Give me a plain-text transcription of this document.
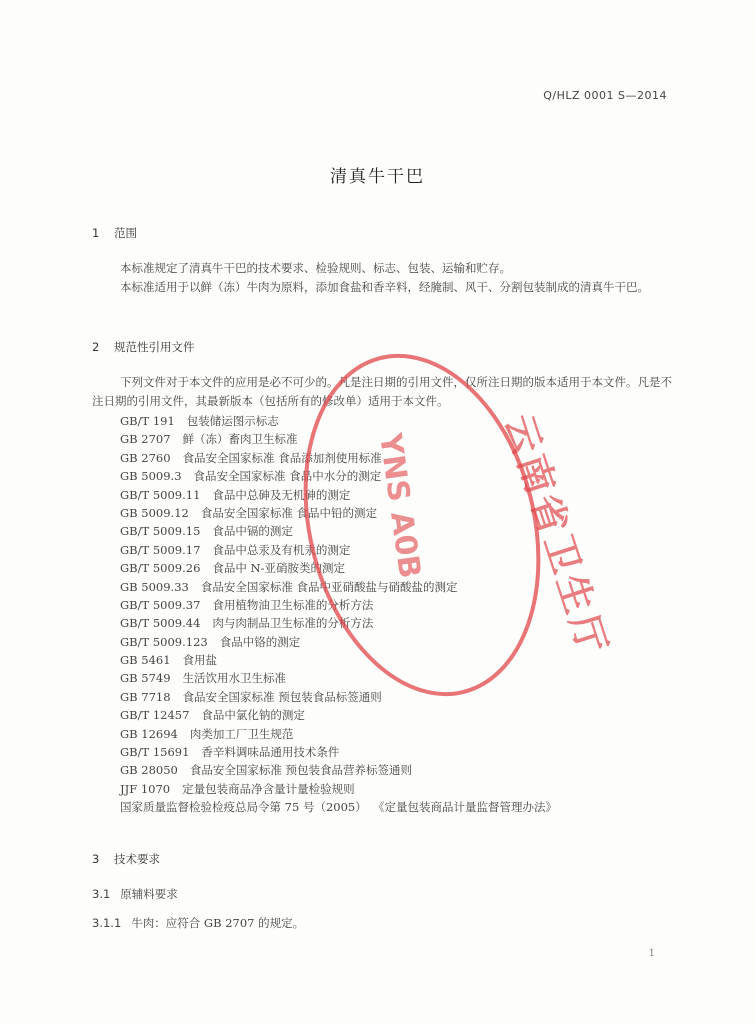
Q/HLZ 0001 S—2014
清真牛干巴
1 范围

本标准规定了清真牛干巴的技术要求、检验规则、标志、包装、运输和贮存。

本标准适用于以鲜（冻）牛肉为原料，添加食盐和香辛料，经腌制、风干、分割包装制成的清真牛干巴。

2 规范性引用文件

下列文件对于本文件的应用是必不可少的。凡是注日期的引用文件，仅所注日期的版本适用于本文件。凡是不注日期的引用文件，其最新版本（包括所有的修改单）适用于本文件。

GB/T 191 包装储运图示标志
GB 2707 鲜（冻）畜肉卫生标准
GB 2760 食品安全国家标准 食品添加剂使用标准
GB 5009.3 食品安全国家标准 食品中水分的测定
GB/T 5009.11 食品中总砷及无机砷的测定
GB 5009.12 食品安全国家标准 食品中铅的测定
GB/T 5009.15 食品中镉的测定
GB/T 5009.17 食品中总汞及有机汞的测定
GB/T 5009.26 食品中 N-亚硝胺类的测定
GB 5009.33 食品安全国家标准 食品中亚硝酸盐与硝酸盐的测定
GB/T 5009.37 食用植物油卫生标准的分析方法
GB/T 5009.44 肉与肉制品卫生标准的分析方法
GB/T 5009.123 食品中铬的测定
GB 5461 食用盐
GB 5749 生活饮用水卫生标准
GB 7718 食品安全国家标准 预包装食品标签通则
GB/T 12457 食品中氯化钠的测定
GB 12694 肉类加工厂卫生规范
GB/T 15691 香辛料调味品通用技术条件
GB 28050 食品安全国家标准 预包装食品营养标签通则
JJF 1070 定量包装商品净含量计量检验规则
国家质量监督检验检疫总局令第 75 号（2005） 《定量包装商品计量监督管理办法》
3 技术要求
3.1 原辅料要求
3.1.1 牛肉：应符合 GB 2707 的规定。
1
云南省卫生厅
YNS A0B
